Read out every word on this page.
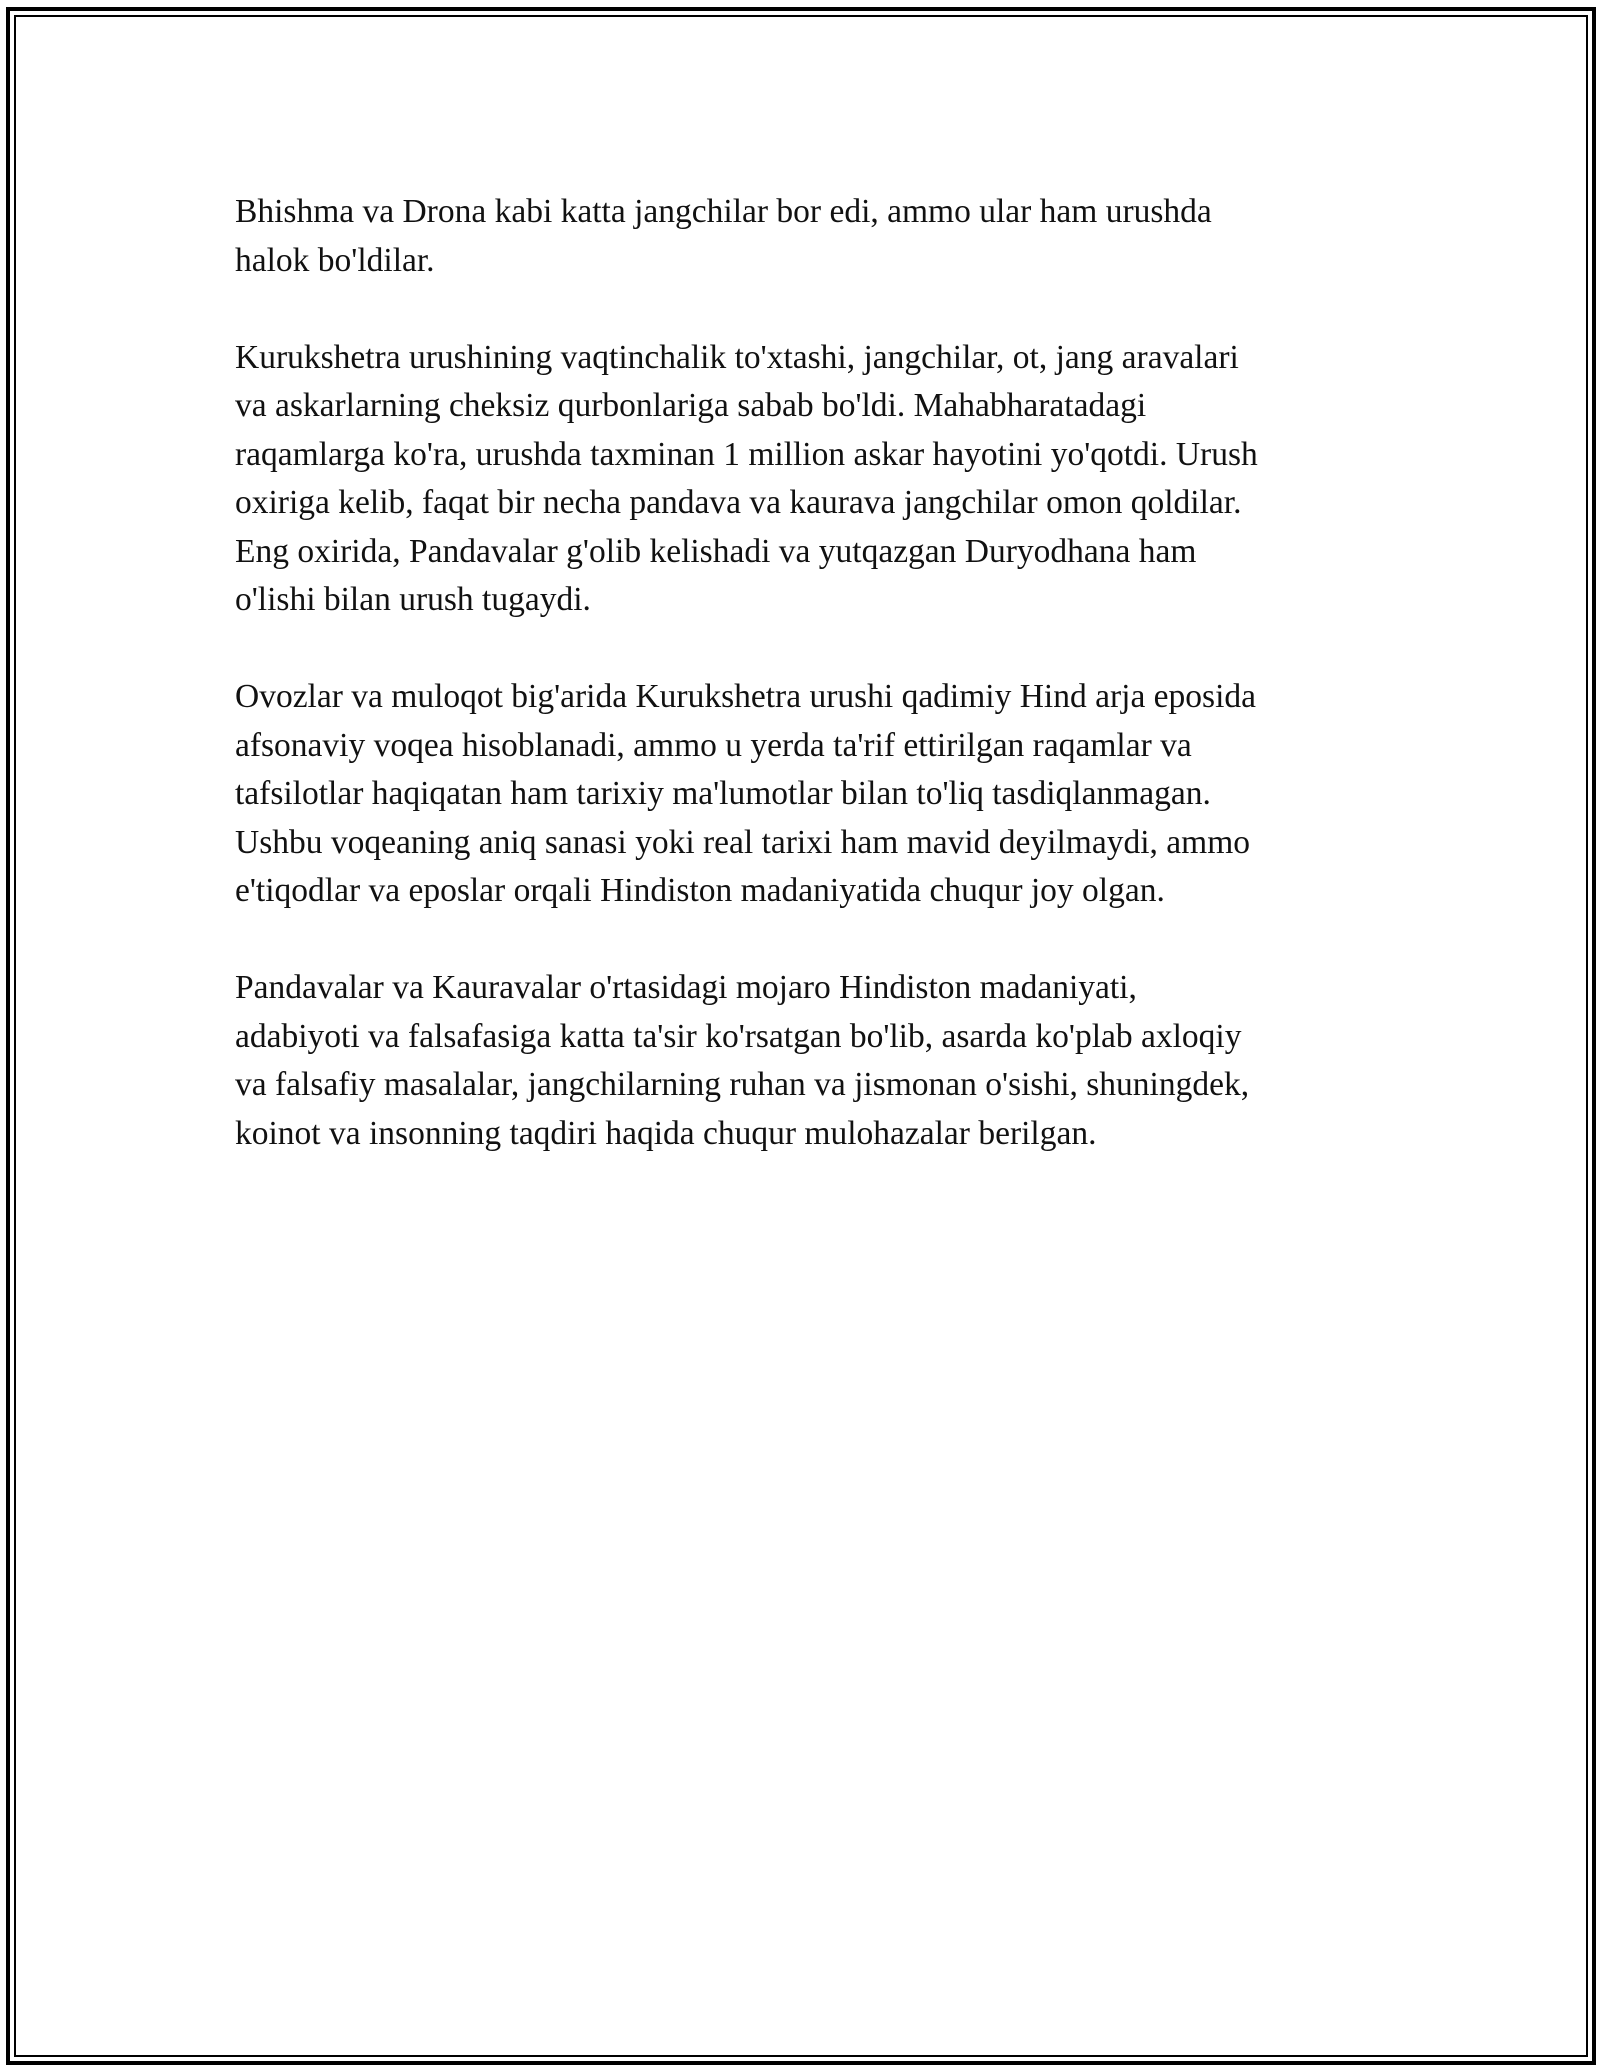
Bhishma va Drona kabi katta jangchilar bor edi, ammo ular ham urushda
halok bo'ldilar.

Kurukshetra urushining vaqtinchalik to'xtashi, jangchilar, ot, jang aravalari
va askarlarning cheksiz qurbonlariga sabab bo'ldi. Mahabharatadagi
raqamlarga ko'ra, urushda taxminan 1 million askar hayotini yo'qotdi. Urush
oxiriga kelib, faqat bir necha pandava va kaurava jangchilar omon qoldilar.
Eng oxirida, Pandavalar g'olib kelishadi va yutqazgan Duryodhana ham
o'lishi bilan urush tugaydi.

Ovozlar va muloqot big'arida Kurukshetra urushi qadimiy Hind arja eposida
afsonaviy voqea hisoblanadi, ammo u yerda ta'rif ettirilgan raqamlar va
tafsilotlar haqiqatan ham tarixiy ma'lumotlar bilan to'liq tasdiqlanmagan.
Ushbu voqeaning aniq sanasi yoki real tarixi ham mavid deyilmaydi, ammo
e'tiqodlar va eposlar orqali Hindiston madaniyatida chuqur joy olgan.

Pandavalar va Kauravalar o'rtasidagi mojaro Hindiston madaniyati,
adabiyoti va falsafasiga katta ta'sir ko'rsatgan bo'lib, asarda ko'plab axloqiy
va falsafiy masalalar, jangchilarning ruhan va jismonan o'sishi, shuningdek,
koinot va insonning taqdiri haqida chuqur mulohazalar berilgan.
